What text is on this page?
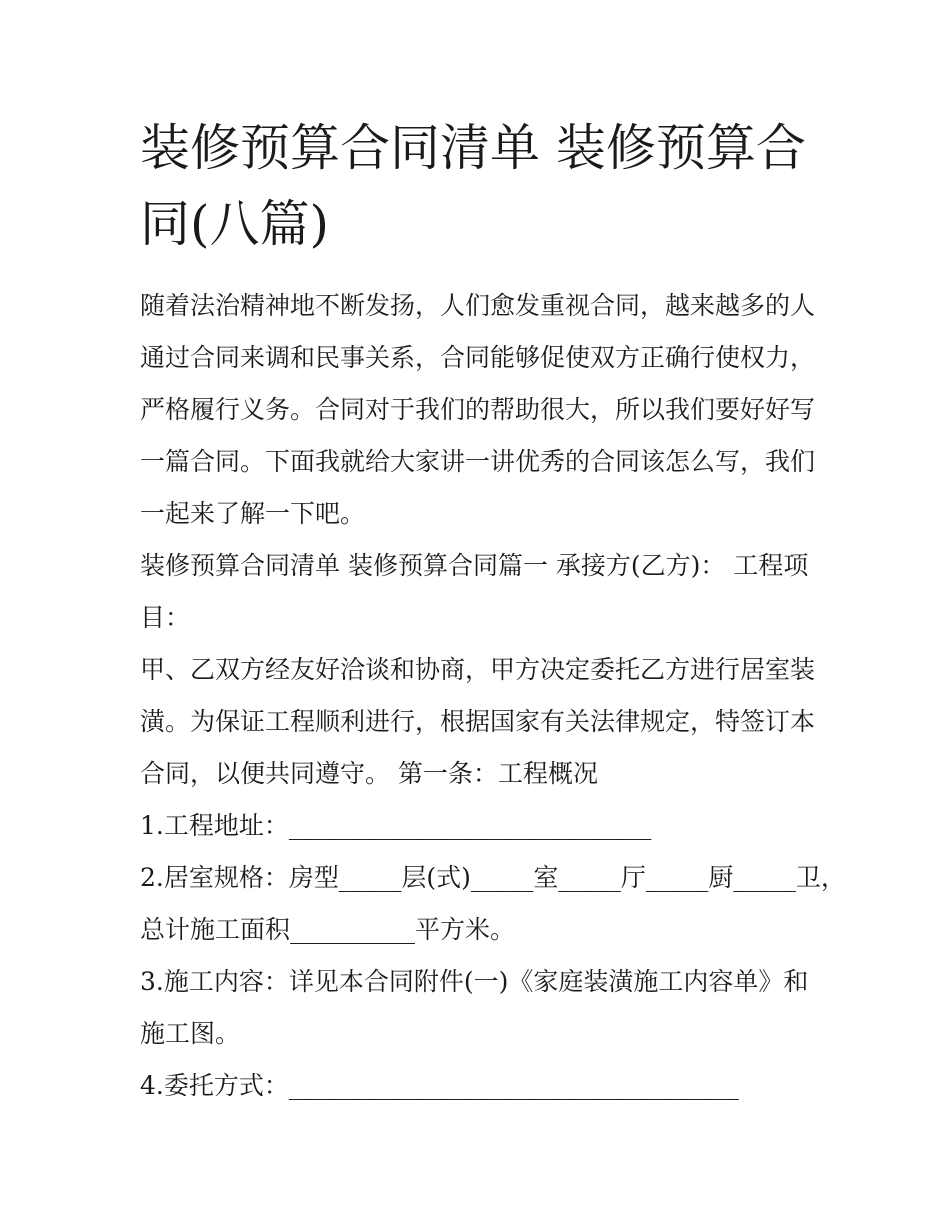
装修预算合同清单 装修预算合同(八篇)

随着法治精神地不断发扬，人们愈发重视合同，越来越多的人通过合同来调和民事关系，合同能够促使双方正确行使权力，严格履行义务。合同对于我们的帮助很大，所以我们要好好写一篇合同。下面我就给大家讲一讲优秀的合同该怎么写，我们一起来了解一下吧。

装修预算合同清单 装修预算合同篇一 承接方(乙方)： 工程项目：

甲、乙双方经友好洽谈和协商，甲方决定委托乙方进行居室装潢。为保证工程顺利进行，根据国家有关法律规定，特签订本合同，以便共同遵守。 第一条：工程概况

1.工程地址：_____________________________
2.居室规格：房型_____层(式)_____室_____厅_____厨_____卫，
总计施工面积__________平方米。

3.施工内容：详见本合同附件(一)《家庭装潢施工内容单》和施工图。

4.委托方式：____________________________________
